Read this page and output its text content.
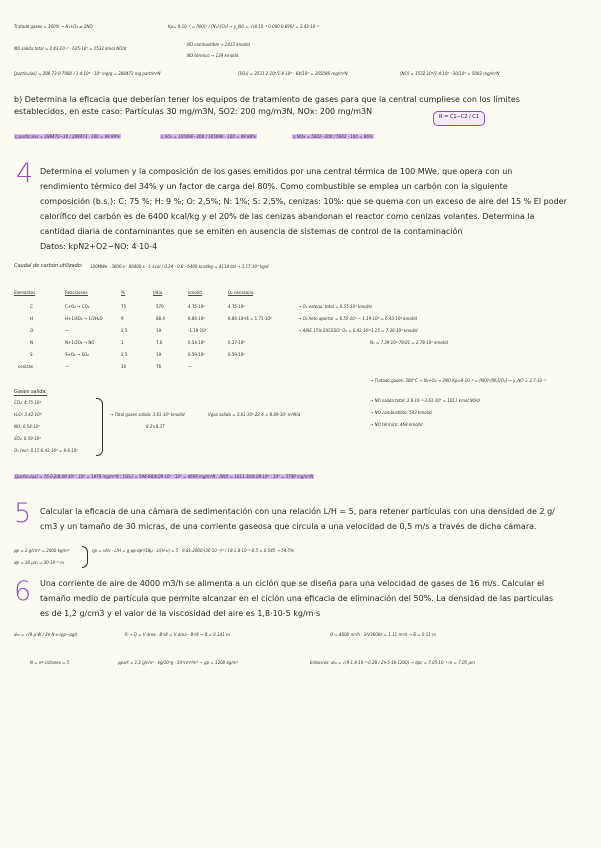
Tratado gases = 300% → N₂+O₂ ⇌ 2NO	Kp= 4·10⁻² = [NO]² / [N₂]·[O₂] → y_NO = √(4·10⁻²·0.060·0.690) = 2.43·10⁻²
NO salida total = 2.43·10⁻² · 625·10⁶ = 1532 kmol NO/d
NO combustible → 1413 kmol/d
NO térmico → 139 kmol/d
[partículas] = 288·73·0.7900 / 1·4·10⁸ · 10⁶ mg/g = 288473 mg part/m³N	[SO₂] = 3531·2·10⁸/1·4·10⁸ · 64/10³ = 165096 mg/m³N	[NO] = 1532·10⁸/1·4·10⁸ · 30/10³ = 5002 mg/m³N
b) Determina la eficacia que deberían tener los equipos de tratamiento de gases para que la central cumpliese con los límites
establecidos, en este caso: Partículas 30 mg/m3N, SO2: 200 mg/m3N, NOx: 200 mg/m3N
R = C1−C2 / C1
η partículas = 288473−30 / 288473 · 100 = 99.99%	η SO₂ = 165096−200 / 165096 · 100 = 99.88%	η NOx = 5002−200 / 5002 · 100 = 96%
4 Determina el volumen y la composición de los gases emitidos por una central térmica de 100 MWe, que opera con un
rendimiento térmico del 34% y un factor de carga del 80%. Como combustible se emplea un carbón con la siguiente
composición (b.s.): C: 75 %; H: 9 %; O: 2,5%; N: 1%; S: 2,5%, cenizas: 10%: que se quema con un exceso de aire del 15 % El poder
calorífico del carbón es de 6400 kcal/kg y el 20% de las cenizas abandonan el reactor como cenizas volantes. Determina la
cantidad diaria de contaminantes que se emiten en ausencia de sistemas de control de la contaminación
Datos: kpN2+O2−NO: 4·10-4
Caudal de carbón utilizado: 100MWe · 3600 s · 86400 s · 1 kcal / 0.34 · 0.8 · 6400 kcal/kg = 4118 t/d → 3.17·10⁶ kg/d
Elementos	Reacciones	%	t/día	kmol/d	O₂ necesario
C	C+O₂ → CO₂	75	570	4.75·10⁴	4.75·10⁴
H	H+1/4O₂ → 1/2H₂O	9	68.4	6.84·10⁴	6.84·10⁴/4 = 1.71·10⁴
O	—	2.5	19	-1.19·10³
N	N+1/2O₂ → NO	1	7.6	0.54·10³	0.27·10³
S	S+O₂ → SO₂	2.5	19	0.59·10³	0.59·10³
cenizas	—	10	76	—
→ O₂ estequ. total = 6.55·10⁴ kmol/d
→ O₂ neto aportar = 6.55·10⁴ − 1.19·10³ = 6.43·10⁴ kmol/d
→ AIRE 15% EXCESO: O₂ = 6.43·10⁴·1.15 = 7.39·10⁴ kmol/d
N₂ = 7.39·10⁴·79/21 = 2.78·10⁵ kmol/d
→ Tratado gases: 300°C → N₂+O₂ → 2NO Kp=4·10⁻⁴ = [NO]²/[N₂][O₂] → y_NO = 2.7·10⁻³
Gases salida:
CO₂: 4.75·10⁴
H₂O: 3.42·10⁴
NO: 0.54·10³
SO₂: 0.59·10³
O₂ (ex): 0.15·6.43·10⁴ = 9.6·10³
→ Total gases salida: 3.61·10⁵ kmol/d	Vgas salida = 3.61·10⁵·22.4 = 8.09·10⁶ m³N/d
8.2×8.3T
→ NO salida total: 2.8·10⁻³·3.61·10⁵ = 1011 kmol NO/d
→ NO combustible: 543 kmol/d
→ NO térmico: 468 kmol/d
[partículas] = 76·0.2/8.09·10⁶ · 10⁹ = 1879 mg/m³N ; [SO₂] = 594·64/8.09·10⁶ · 10⁶ = 4699 mg/m³N ; [NO] = 1011·30/8.09·10⁶ · 10⁶ = 3749 mg/m³N
5 Calcular la eficacia de una cámara de sedimentación con una relación L/H = 5, para retener partículas con una densidad de 2 g/
cm3 y un tamaño de 30 micras, de una corriente gaseosa que circula a una velocidad de 0,5 m/s a través de dicha cámara.
ρp = 2 g/cm³ = 2000 kg/m³
dp = 30 μm = 30·10⁻⁶ m
ηp = vt/v · L/H = g·ρp·dp²/18μ · L/(H·v) = 5 · 9.81·2000·(30·10⁻⁶)² / 18·1.8·10⁻⁵·0.5 = 0.545 → 54.5%
6 Una corriente de aire de 4000 m3/h se alimenta a un ciclón que se diseña para una velocidad de gases de 16 m/s. Calcular el
tamaño medio de partícula que permite alcanzar en el ciclón una eficacia de eliminación del 50%. La densidad de las partículas
es de 1,2 g/cm3 y el valor de la viscosidad del aire es 1,8·10-5 kg/m·s
d₅₀ = √(9·μ·W / 2π·N·v·(ρp−ρg))	R → Q = V·área · B²/4 = V·área · B²/4 → B = 0.141 m	Q = 4000 m³/h · 1h/3600s = 1.11 m³/s → B = 0.11 m
N = nº ciclones = 5	ρpart = 1.2 g/cm³ · kg/10³g · 10⁶cm³/m³ → ρp = 1200 kg/m³	Entonces: d₅₀ = √(9·1.8·10⁻⁵·0.28 / 2π·5·16·1200) → dpc = 7.05·10⁻⁶ m = 7.05 μm
